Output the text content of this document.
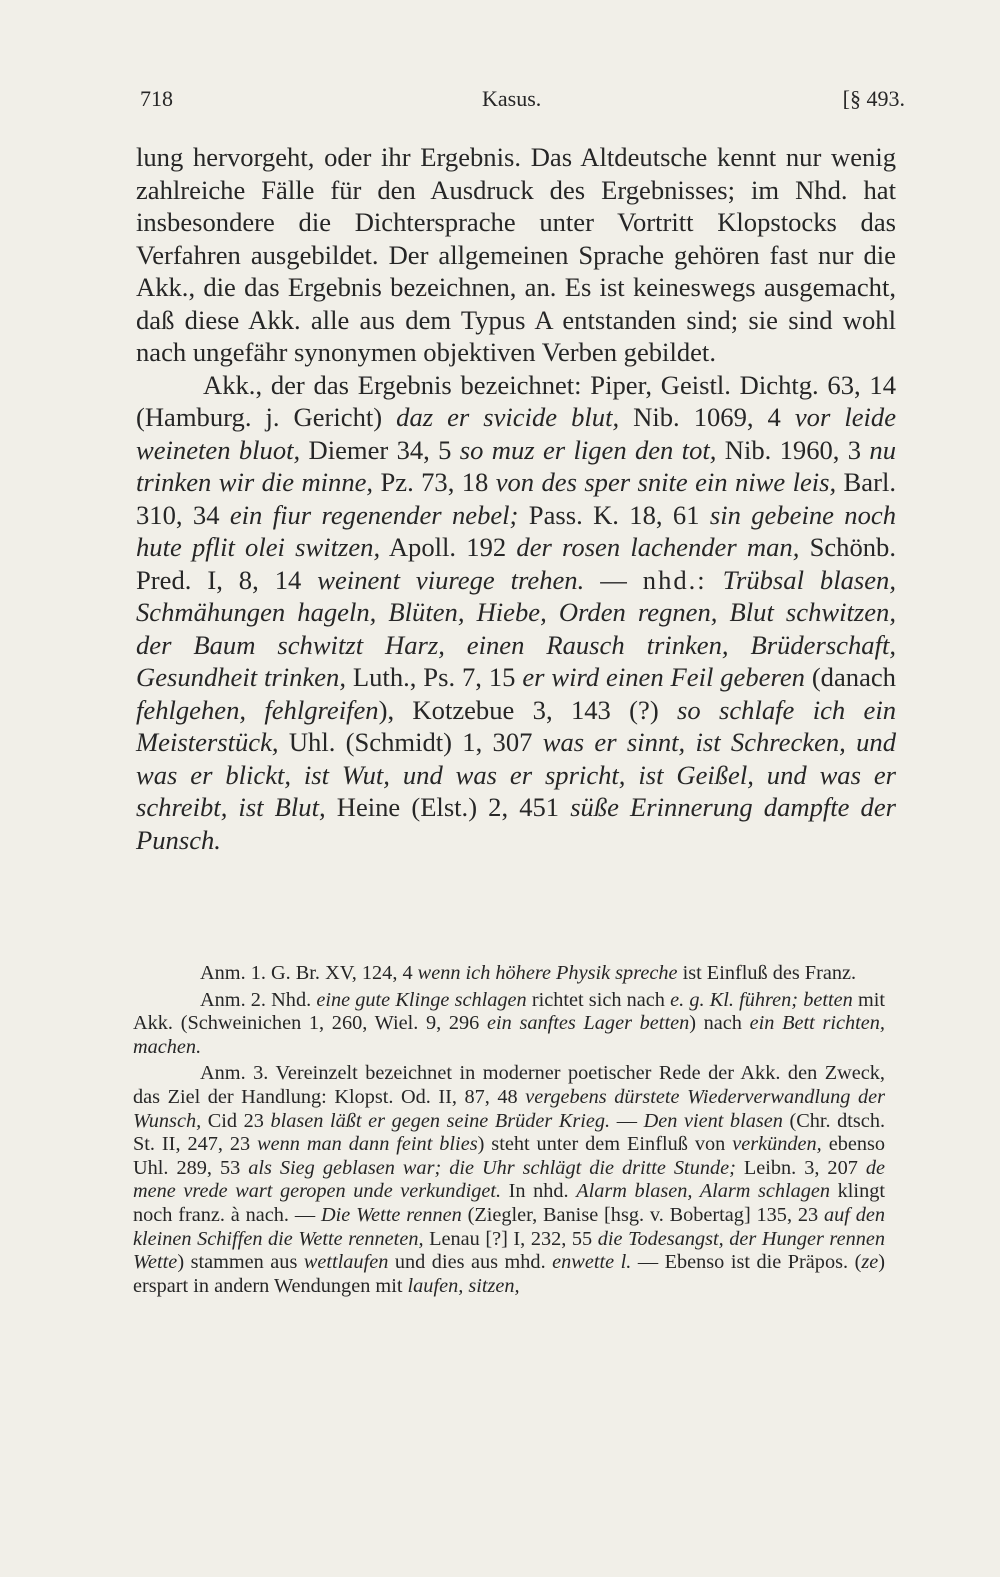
718	Kasus.	[§ 493.

lung hervorgeht, oder ihr Ergebnis. Das Altdeutsche kennt nur wenig zahlreiche Fälle für den Ausdruck des Ergebnisses; im Nhd. hat insbesondere die Dichtersprache unter Vortritt Klopstocks das Verfahren ausgebildet. Der allgemeinen Sprache gehören fast nur die Akk., die das Ergebnis bezeichnen, an. Es ist keineswegs ausgemacht, daß diese Akk. alle aus dem Typus A entstanden sind; sie sind wohl nach ungefähr synonymen objektiven Verben gebildet.

Akk., der das Ergebnis bezeichnet: Piper, Geistl. Dichtg. 63, 14 (Hamburg. j. Gericht) daz er svicide blut, Nib. 1069, 4 vor leide weineten bluot, Diemer 34, 5 so muz er ligen den tot, Nib. 1960, 3 nu trinken wir die minne, Pz. 73, 18 von des sper snite ein niwe leis, Barl. 310, 34 ein fiur regenender nebel; Pass. K. 18, 61 sin gebeine noch hute pflit olei switzen, Apoll. 192 der rosen lachender man, Schönb. Pred. I, 8, 14 weinent viurege trehen. — nhd.: Trübsal blasen, Schmähungen hageln, Blüten, Hiebe, Orden regnen, Blut schwitzen, der Baum schwitzt Harz, einen Rausch trinken, Brüderschaft, Gesundheit trinken, Luth., Ps. 7, 15 er wird einen Feil geberen (danach fehlgehen, fehlgreifen), Kotzebue 3, 143 (?) so schlafe ich ein Meisterstück, Uhl. (Schmidt) 1, 307 was er sinnt, ist Schrecken, und was er blickt, ist Wut, und was er spricht, ist Geißel, und was er schreibt, ist Blut, Heine (Elst.) 2, 451 süße Erinnerung dampfte der Punsch.

Anm. 1. G. Br. XV, 124, 4 wenn ich höhere Physik spreche ist Einfluß des Franz.

Anm. 2. Nhd. eine gute Klinge schlagen richtet sich nach e. g. Kl. führen; betten mit Akk. (Schweinichen 1, 260, Wiel. 9, 296 ein sanftes Lager betten) nach ein Bett richten, machen.

Anm. 3. Vereinzelt bezeichnet in moderner poetischer Rede der Akk. den Zweck, das Ziel der Handlung: Klopst. Od. II, 87, 48 vergebens dürstete Wiederverwandlung der Wunsch, Cid 23 blasen läßt er gegen seine Brüder Krieg. — Den vient blasen (Chr. dtsch. St. II, 247, 23 wenn man dann feint blies) steht unter dem Einfluß von verkünden, ebenso Uhl. 289, 53 als Sieg geblasen war; die Uhr schlägt die dritte Stunde; Leibn. 3, 207 de mene vrede wart geropen unde verkundiget. In nhd. Alarm blasen, Alarm schlagen klingt noch franz. à nach. — Die Wette rennen (Ziegler, Banise [hsg. v. Bobertag] 135, 23 auf den kleinen Schiffen die Wette renneten, Lenau [?] I, 232, 55 die Todesangst, der Hunger rennen Wette) stammen aus wettlaufen und dies aus mhd. enwette l. — Ebenso ist die Präpos. (ze) erspart in andern Wendungen mit laufen, sitzen,
